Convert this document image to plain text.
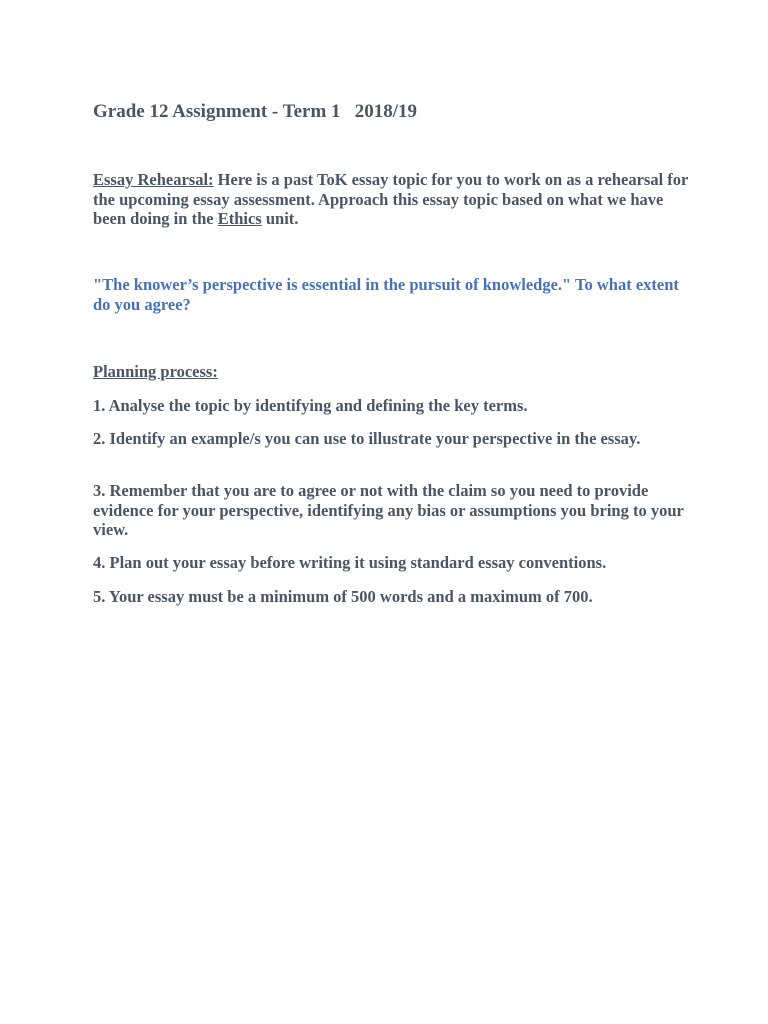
Grade 12 Assignment - Term 1   2018/19

Essay Rehearsal: Here is a past ToK essay topic for you to work on as a rehearsal for the upcoming essay assessment. Approach this essay topic based on what we have been doing in the Ethics unit.

"The knower’s perspective is essential in the pursuit of knowledge." To what extent do you agree?

Planning process:

1. Analyse the topic by identifying and defining the key terms.

2. Identify an example/s you can use to illustrate your perspective in the essay.

3. Remember that you are to agree or not with the claim so you need to provide evidence for your perspective, identifying any bias or assumptions you bring to your view.

4. Plan out your essay before writing it using standard essay conventions.

5. Your essay must be a minimum of 500 words and a maximum of 700.
